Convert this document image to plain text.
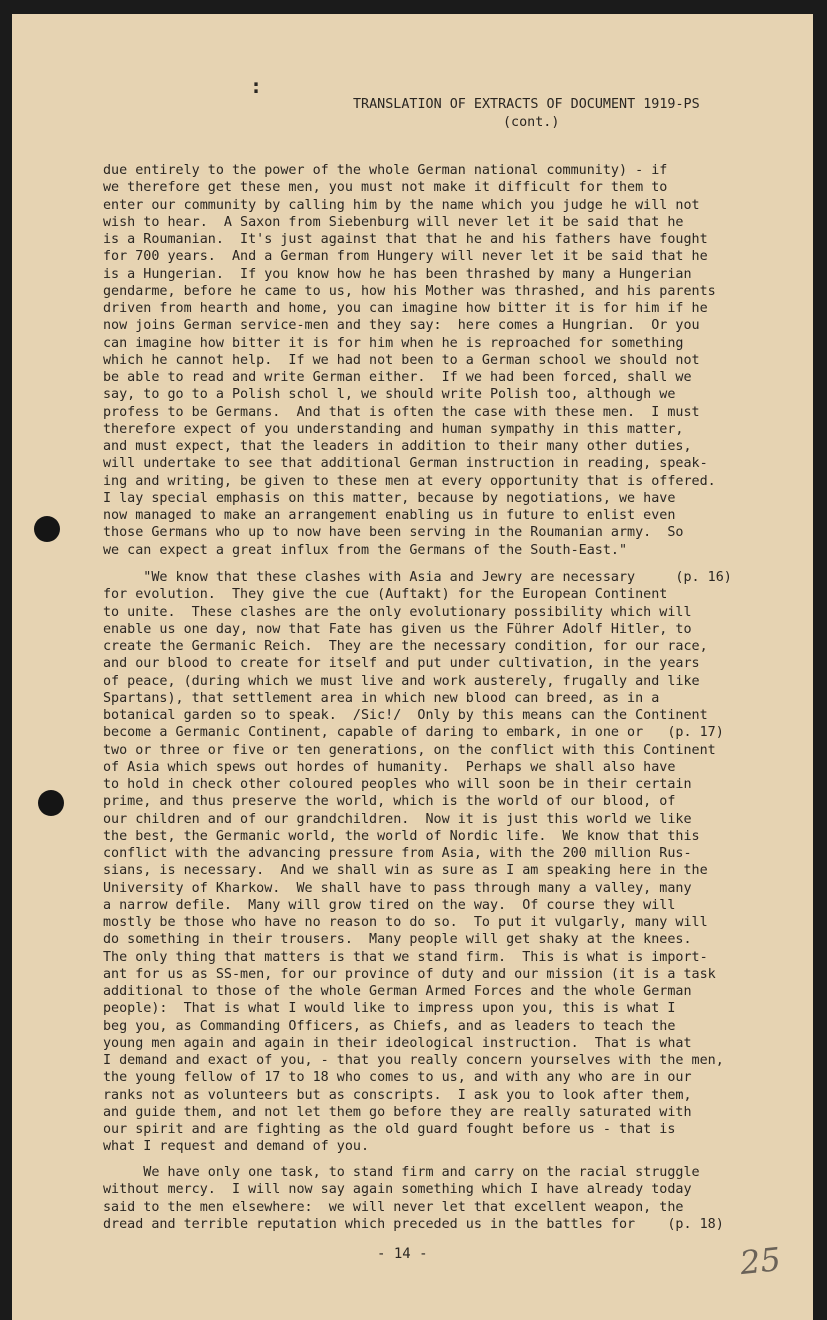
:
TRANSLATION OF EXTRACTS OF DOCUMENT 1919-PS
(cont.)
due entirely to the power of the whole German national community) - if
we therefore get these men, you must not make it difficult for them to
enter our community by calling him by the name which you judge he will not
wish to hear.  A Saxon from Siebenburg will never let it be said that he
is a Roumanian.  It's just against that that he and his fathers have fought
for 700 years.  And a German from Hungery will never let it be said that he
is a Hungerian.  If you know how he has been thrashed by many a Hungerian
gendarme, before he came to us, how his Mother was thrashed, and his parents
driven from hearth and home, you can imagine how bitter it is for him if he
now joins German service-men and they say:  here comes a Hungrian.  Or you
can imagine how bitter it is for him when he is reproached for something
which he cannot help.  If we had not been to a German school we should not
be able to read and write German either.  If we had been forced, shall we
say, to go to a Polish schol l, we should write Polish too, although we
profess to be Germans.  And that is often the case with these men.  I must
therefore expect of you understanding and human sympathy in this matter,
and must expect, that the leaders in addition to their many other duties,
will undertake to see that additional German instruction in reading, speak-
ing and writing, be given to these men at every opportunity that is offered.
I lay special emphasis on this matter, because by negotiations, we have
now managed to make an arrangement enabling us in future to enlist even
those Germans who up to now have been serving in the Roumanian army.  So
we can expect a great influx from the Germans of the South-East."
"We know that these clashes with Asia and Jewry are necessary     (p. 16)
for evolution.  They give the cue (Auftakt) for the European Continent
to unite.  These clashes are the only evolutionary possibility which will
enable us one day, now that Fate has given us the Führer Adolf Hitler, to
create the Germanic Reich.  They are the necessary condition, for our race,
and our blood to create for itself and put under cultivation, in the years
of peace, (during which we must live and work austerely, frugally and like
Spartans), that settlement area in which new blood can breed, as in a
botanical garden so to speak.  /Sic!/  Only by this means can the Continent
become a Germanic Continent, capable of daring to embark, in one or   (p. 17)
two or three or five or ten generations, on the conflict with this Continent
of Asia which spews out hordes of humanity.  Perhaps we shall also have
to hold in check other coloured peoples who will soon be in their certain
prime, and thus preserve the world, which is the world of our blood, of
our children and of our grandchildren.  Now it is just this world we like
the best, the Germanic world, the world of Nordic life.  We know that this
conflict with the advancing pressure from Asia, with the 200 million Rus-
sians, is necessary.  And we shall win as sure as I am speaking here in the
University of Kharkow.  We shall have to pass through many a valley, many
a narrow defile.  Many will grow tired on the way.  Of course they will
mostly be those who have no reason to do so.  To put it vulgarly, many will
do something in their trousers.  Many people will get shaky at the knees.
The only thing that matters is that we stand firm.  This is what is import-
ant for us as SS-men, for our province of duty and our mission (it is a task
additional to those of the whole German Armed Forces and the whole German
people):  That is what I would like to impress upon you, this is what I
beg you, as Commanding Officers, as Chiefs, and as leaders to teach the
young men again and again in their ideological instruction.  That is what
I demand and exact of you, - that you really concern yourselves with the men,
the young fellow of 17 to 18 who comes to us, and with any who are in our
ranks not as volunteers but as conscripts.  I ask you to look after them,
and guide them, and not let them go before they are really saturated with
our spirit and are fighting as the old guard fought before us - that is
what I request and demand of you.
We have only one task, to stand firm and carry on the racial struggle
without mercy.  I will now say again something which I have already today
said to the men elsewhere:  we will never let that excellent weapon, the
dread and terrible reputation which preceded us in the battles for    (p. 18)
- 14 -	25
